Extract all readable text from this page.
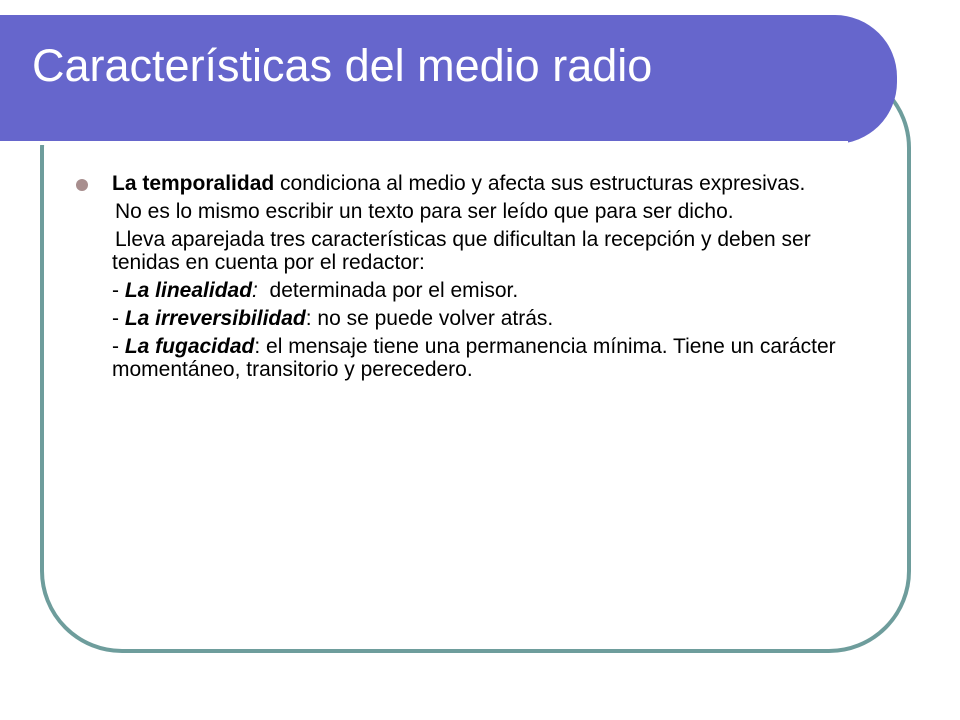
Características del medio radio

La temporalidad condiciona al medio y afecta sus estructuras expresivas.

No es lo mismo escribir un texto para ser leído que para ser dicho.

Lleva aparejada tres características que dificultan la recepción y deben ser tenidas en cuenta por el redactor:

- La linealidad:  determinada por el emisor.

- La irreversibilidad: no se puede volver atrás.

- La fugacidad: el mensaje tiene una permanencia mínima. Tiene un carácter momentáneo, transitorio y perecedero.
